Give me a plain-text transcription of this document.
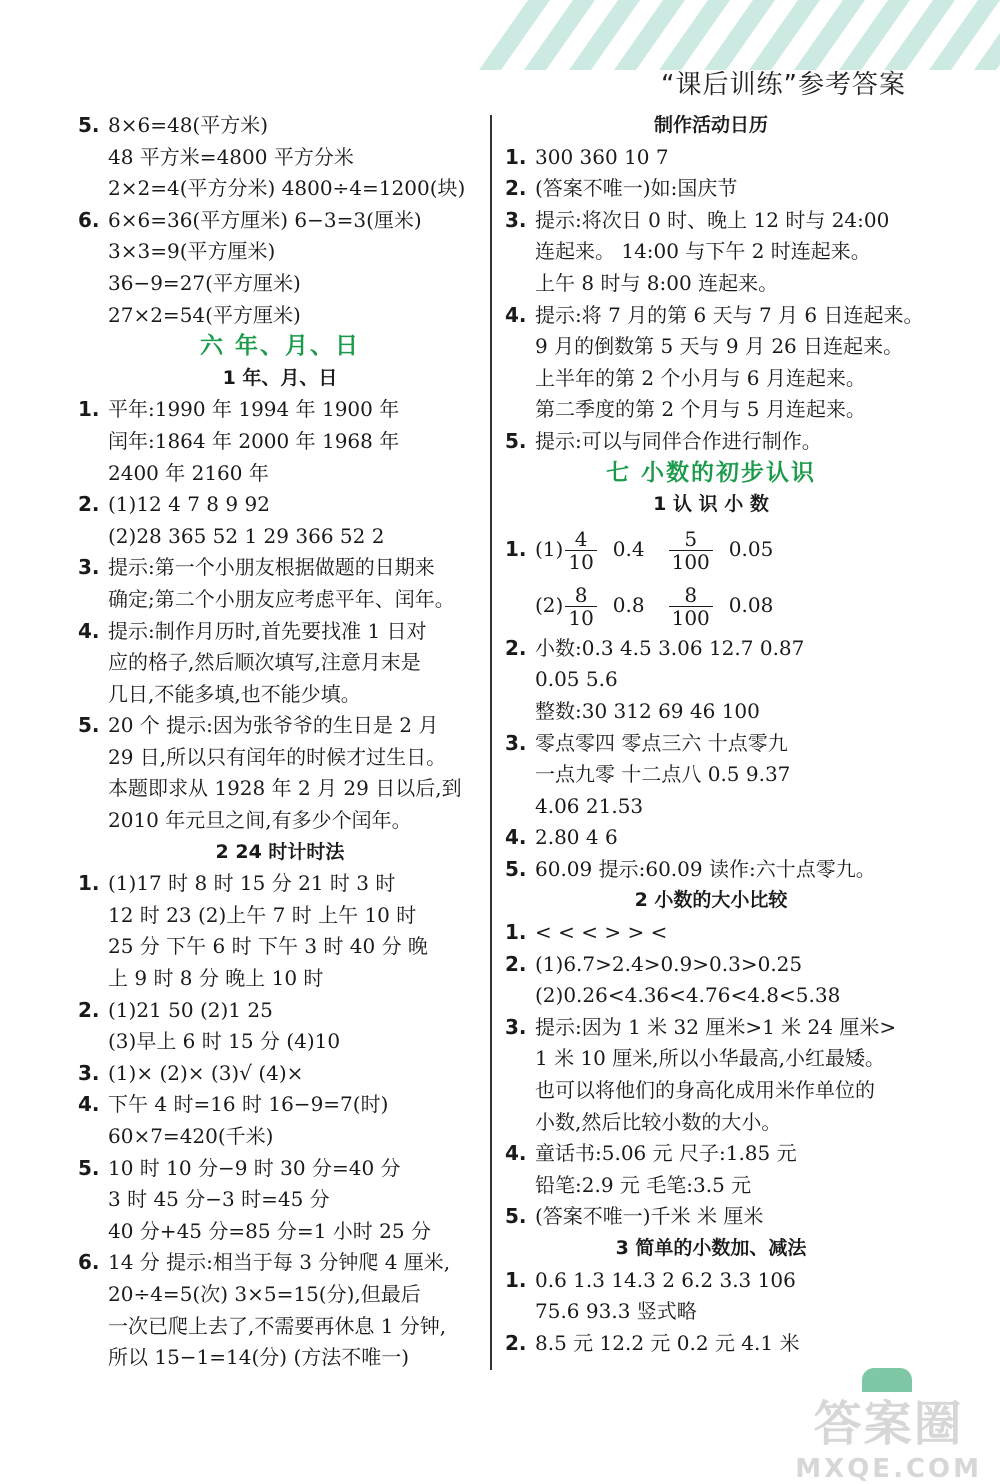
“课后训练”参考答案
5. 8×6=48(平方米)
48 平方米=4800 平方分米
2×2=4(平方分米) 4800÷4=1200(块)
6. 6×6=36(平方厘米) 6−3=3(厘米)
3×3=9(平方厘米)
36−9=27(平方厘米)
27×2=54(平方厘米)
六 年、月、日
1 年、月、日
1. 平年:1990 年 1994 年 1900 年
闰年:1864 年 2000 年 1968 年
2400 年 2160 年
2. (1)12 4 7 8 9 92
(2)28 365 52 1 29 366 52 2
3. 提示:第一个小朋友根据做题的日期来
确定;第二个小朋友应考虑平年、闰年。
4. 提示:制作月历时,首先要找准 1 日对
应的格子,然后顺次填写,注意月末是
几日,不能多填,也不能少填。
5. 20 个 提示:因为张爷爷的生日是 2 月
29 日,所以只有闰年的时候才过生日。
本题即求从 1928 年 2 月 29 日以后,到
2010 年元旦之间,有多少个闰年。
2 24 时计时法
1. (1)17 时 8 时 15 分 21 时 3 时
12 时 23 (2)上午 7 时 上午 10 时
25 分 下午 6 时 下午 3 时 40 分 晚
上 9 时 8 分 晚上 10 时
2. (1)21 50 (2)1 25
(3)早上 6 时 15 分 (4)10
3. (1)× (2)× (3)√ (4)×
4. 下午 4 时=16 时 16−9=7(时)
60×7=420(千米)
5. 10 时 10 分−9 时 30 分=40 分
3 时 45 分−3 时=45 分
40 分+45 分=85 分=1 小时 25 分
6. 14 分 提示:相当于每 3 分钟爬 4 厘米,
20÷4=5(次) 3×5=15(分),但最后
一次已爬上去了,不需要再休息 1 分钟,
所以 15−1=14(分) (方法不唯一)
制作活动日历
1. 300 360 10 7
2. (答案不唯一)如:国庆节
3. 提示:将次日 0 时、晚上 12 时与 24:00
连起来。 14:00 与下午 2 时连起来。
上午 8 时与 8:00 连起来。
4. 提示:将 7 月的第 6 天与 7 月 6 日连起来。
9 月的倒数第 5 天与 9 月 26 日连起来。
上半年的第 2 个小月与 6 月连起来。
第二季度的第 2 个月与 5 月连起来。
5. 提示:可以与同伴合作进行制作。
七 小数的初步认识
1 认 识 小 数
1. $(1) \frac{4}{10} 0.4 \frac{5}{100} 0.05$
$(2) \frac{8}{10} 0.8 \frac{8}{100} 0.08$
2. 小数:0.3 4.5 3.06 12.7 0.87
0.05 5.6
整数:30 312 69 46 100
3. 零点零四 零点三六 十点零九
一点九零 十二点八 0.5 9.37
4.06 21.53
4. 2.80 4 6
5. 60.09 提示:60.09 读作:六十点零九。
2 小数的大小比较
1. < < < > > <
2. (1)6.7>2.4>0.9>0.3>0.25
(2)0.26<4.36<4.76<4.8<5.38
3. 提示:因为 1 米 32 厘米>1 米 24 厘米>
1 米 10 厘米,所以小华最高,小红最矮。
也可以将他们的身高化成用米作单位的
小数,然后比较小数的大小。
4. 童话书:5.06 元 尺子:1.85 元
铅笔:2.9 元 毛笔:3.5 元
5. (答案不唯一)千米 米 厘米
3 简单的小数加、减法
1. 0.6 1.3 14.3 2 6.2 3.3 106
75.6 93.3 竖式略
2. 8.5 元 12.2 元 0.2 元 4.1 米
答案圈
MXQE.COM
